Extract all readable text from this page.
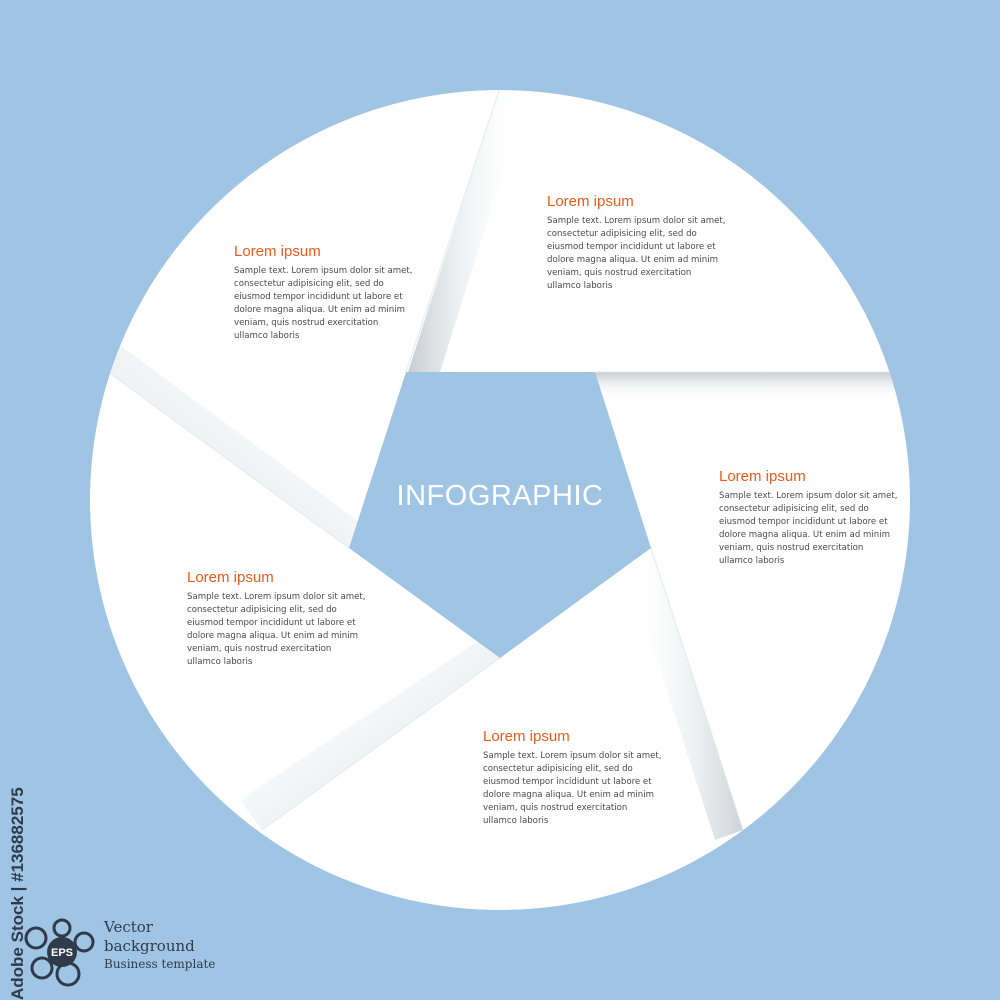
INFOGRAPHIC

Lorem ipsum

Sample text. Lorem ipsum dolor sit amet, consectetur adipisicing elit, sed do eiusmod tempor incididunt ut labore et dolore magna aliqua. Ut enim ad minim veniam, quis nostrud exercitation ullamco laboris

Lorem ipsum

Sample text. Lorem ipsum dolor sit amet, consectetur adipisicing elit, sed do eiusmod tempor incididunt ut labore et dolore magna aliqua. Ut enim ad minim veniam, quis nostrud exercitation ullamco laboris

Lorem ipsum

Sample text. Lorem ipsum dolor sit amet, consectetur adipisicing elit, sed do eiusmod tempor incididunt ut labore et dolore magna aliqua. Ut enim ad minim veniam, quis nostrud exercitation ullamco laboris

Lorem ipsum

Sample text. Lorem ipsum dolor sit amet, consectetur adipisicing elit, sed do eiusmod tempor incididunt ut labore et dolore magna aliqua. Ut enim ad minim veniam, quis nostrud exercitation ullamco laboris

Lorem ipsum

Sample text. Lorem ipsum dolor sit amet, consectetur adipisicing elit, sed do eiusmod tempor incididunt ut labore et dolore magna aliqua. Ut enim ad minim veniam, quis nostrud exercitation ullamco laboris

Adobe Stock | #136882575 EPS
Vector
background
Business template
